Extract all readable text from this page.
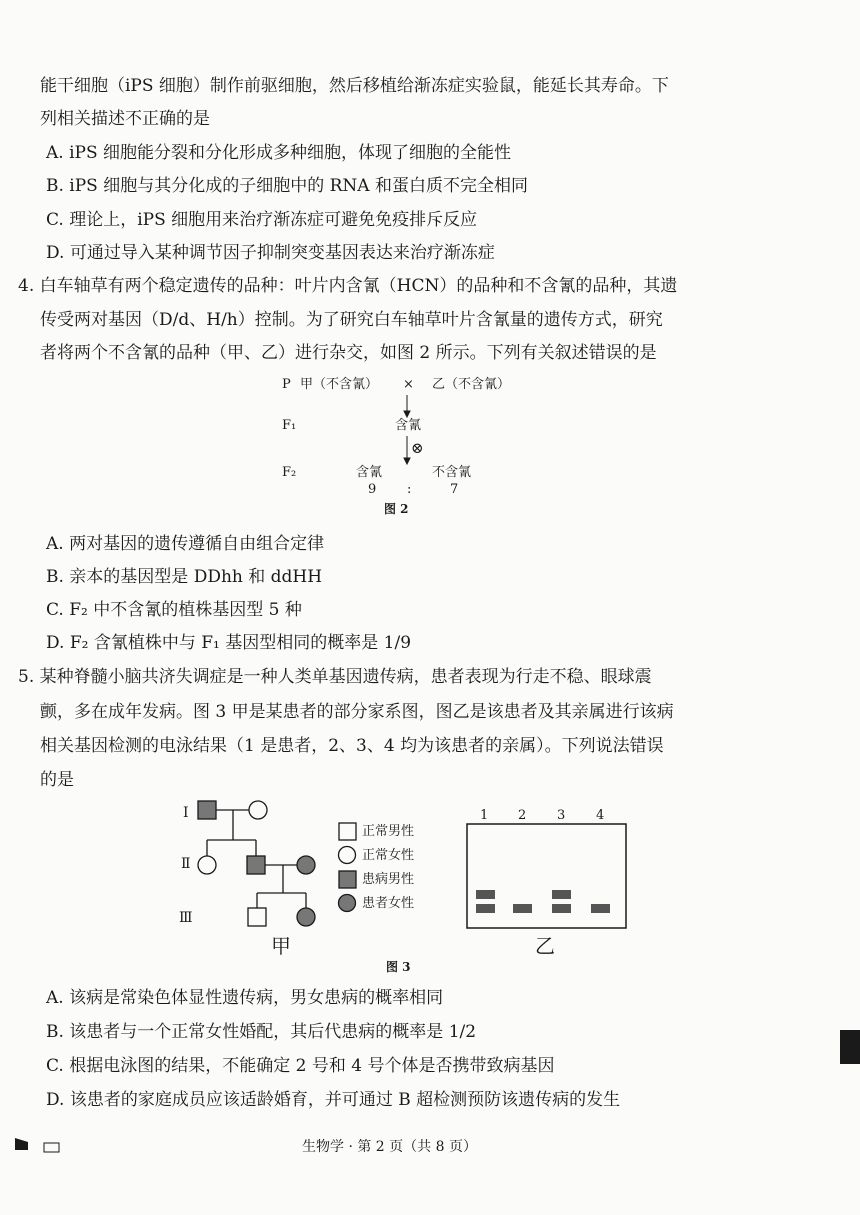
能干细胞（iPS 细胞）制作前驱细胞，然后移植给渐冻症实验鼠，能延长其寿命。下
列相关描述不正确的是
A. iPS 细胞能分裂和分化形成多种细胞，体现了细胞的全能性
B. iPS 细胞与其分化成的子细胞中的 RNA 和蛋白质不完全相同
C. 理论上，iPS 细胞用来治疗渐冻症可避免免疫排斥反应
D. 可通过导入某种调节因子抑制突变基因表达来治疗渐冻症
4. 白车轴草有两个稳定遗传的品种：叶片内含氰（HCN）的品种和不含氰的品种，其遗
传受两对基因（D/d、H/h）控制。为了研究白车轴草叶片含氰量的遗传方式，研究
者将两个不含氰的品种（甲、乙）进行杂交，如图 2 所示。下列有关叙述错误的是
P 甲（不含氰） × 乙（不含氰）
F₁	含氰
⊗
F₂	含氰	不含氰
9 :	7
图 2
A. 两对基因的遗传遵循自由组合定律
B. 亲本的基因型是 DDhh 和 ddHH
C. F₂ 中不含氰的植株基因型 5 种
D. F₂ 含氰植株中与 F₁ 基因型相同的概率是 1/9
5. 某种脊髓小脑共济失调症是一种人类单基因遗传病，患者表现为行走不稳、眼球震
颤，多在成年发病。图 3 甲是某患者的部分家系图，图乙是该患者及其亲属进行该病
相关基因检测的电泳结果（1 是患者，2、3、4 均为该患者的亲属）。下列说法错误
的是
Ⅰ
Ⅱ
Ⅲ
甲
正常男性
正常女性
患病男性
患者女性
1 2 3 4
乙
图 3
A. 该病是常染色体显性遗传病，男女患病的概率相同
B. 该患者与一个正常女性婚配，其后代患病的概率是 1/2
C. 根据电泳图的结果，不能确定 2 号和 4 号个体是否携带致病基因
D. 该患者的家庭成员应该适龄婚育，并可通过 B 超检测预防该遗传病的发生
生物学 · 第 2 页（共 8 页）
